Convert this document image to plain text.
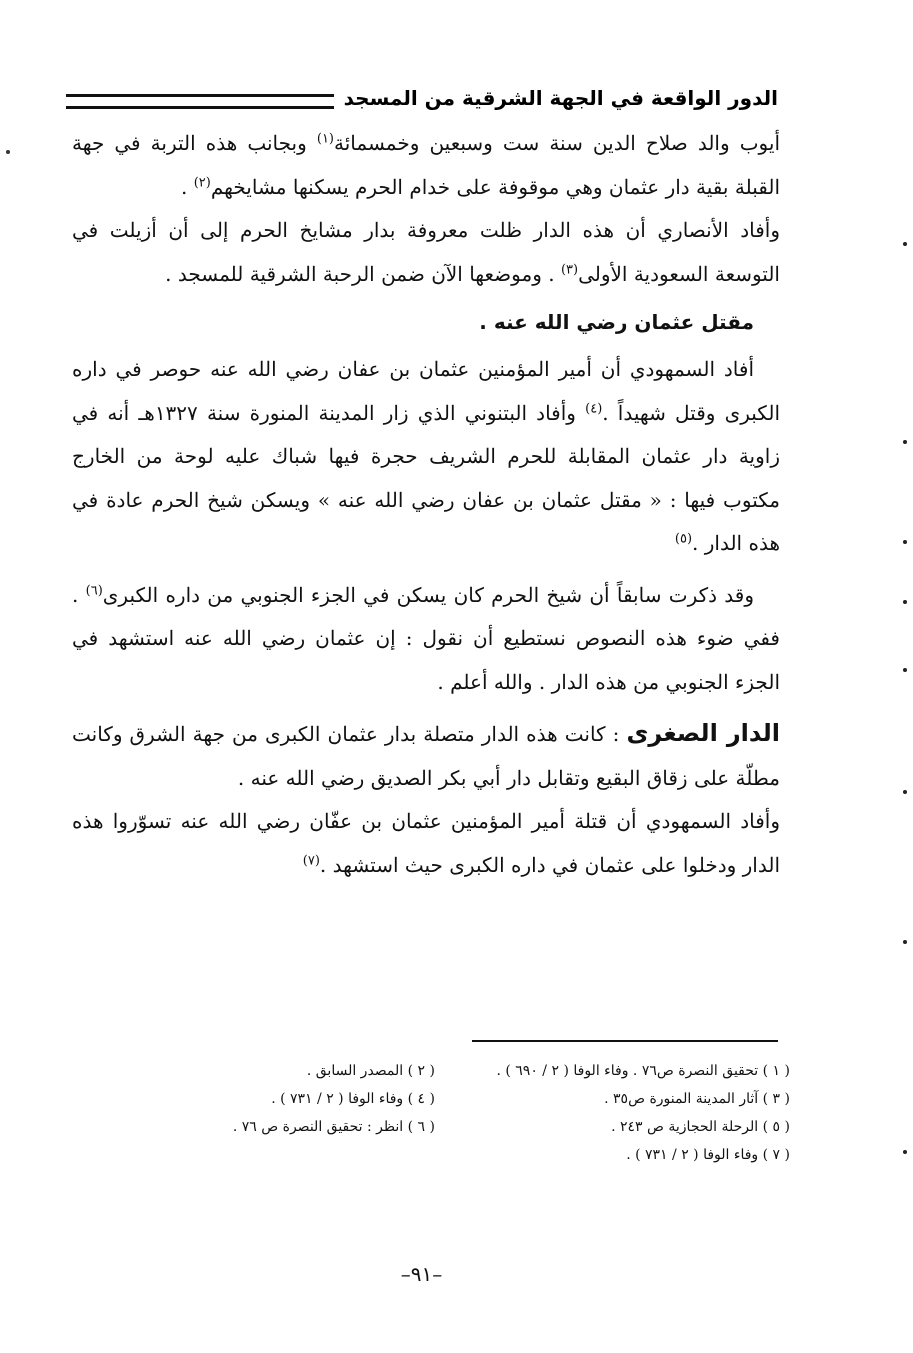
الدور الواقعة في الجهة الشرقية من المسجد

أيوب والد صلاح الدين سنة ست وسبعين وخمسمائة$^{(١)}$ وبجانب هذه التربة في جهة القبلة بقية دار عثمان وهي موقوفة على خدام الحرم يسكنها مشايخهم$^{(٢)}$ .

وأفاد الأنصاري أن هذه الدار ظلت معروفة بدار مشايخ الحرم إلى أن أزيلت في التوسعة السعودية الأولى$^{(٣)}$ . وموضعها الآن ضمن الرحبة الشرقية للمسجد .

مقتل عثمان رضي الله عنه .

أفاد السمهودي أن أمير المؤمنين عثمان بن عفان رضي الله عنه حوصر في داره الكبرى وقتل شهيداً .$^{(٤)}$ وأفاد البتنوني الذي زار المدينة المنورة سنة ١٣٢٧هـ أنه في زاوية دار عثمان المقابلة للحرم الشريف حجرة فيها شباك عليه لوحة من الخارج مكتوب فيها : « مقتل عثمان بن عفان رضي الله عنه » ويسكن شيخ الحرم عادة في هذه الدار .$^{(٥)}$

وقد ذكرت سابقاً أن شيخ الحرم كان يسكن في الجزء الجنوبي من داره الكبرى$^{(٦)}$ . ففي ضوء هذه النصوص نستطيع أن نقول : إن عثمان رضي الله عنه استشهد في الجزء الجنوبي من هذه الدار . والله أعلم .

الدار الصغرى : كانت هذه الدار متصلة بدار عثمان الكبرى من جهة الشرق وكانت مطلّة على زقاق البقيع وتقابل دار أبي بكر الصديق رضي الله عنه .

وأفاد السمهودي أن قتلة أمير المؤمنين عثمان بن عفّان رضي الله عنه تسوّروا هذه الدار ودخلوا على عثمان في داره الكبرى حيث استشهد .$^{(٧)}$

( ١ ) تحقيق النصرة ص٧٦ . وفاء الوفا ( ٢ / ٦٩٠ ) .
( ٢ ) المصدر السابق .
( ٣ ) آثار المدينة المنورة ص٣٥ .
( ٤ ) وفاء الوفا ( ٢ / ٧٣١ ) .
( ٥ ) الرحلة الحجازية ص ٢٤٣ .
( ٦ ) انظر : تحقيق النصرة ص ٧٦ .
( ٧ ) وفاء الوفا ( ٢ / ٧٣١ ) .
–٩١–
